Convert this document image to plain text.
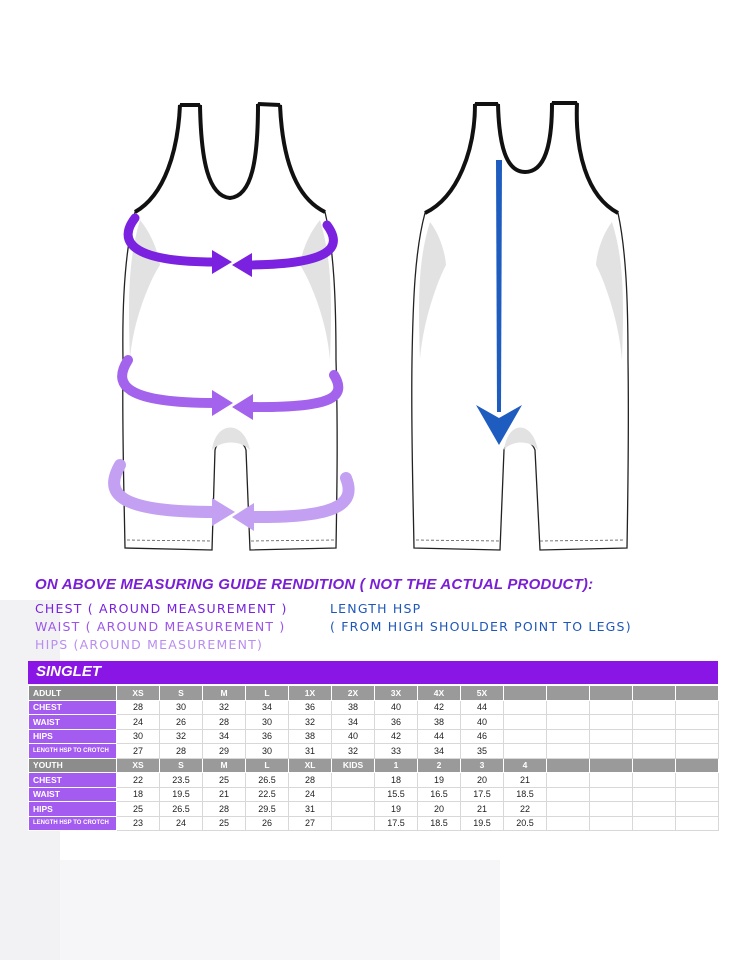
ON ABOVE MEASURING GUIDE RENDITION ( NOT THE ACTUAL PRODUCT):
CHEST ( AROUND MEASUREMENT )
WAIST ( AROUND MEASUREMENT )
HIPS (AROUND MEASUREMENT)
LENGTH HSP
( FROM HIGH SHOULDER POINT TO LEGS)
SINGLET
ADULT	XS	S	M	L	1X	2X	3X	4X	5X					
CHEST	28	30	32	34	36	38	40	42	44					
WAIST	24	26	28	30	32	34	36	38	40					
HIPS	30	32	34	36	38	40	42	44	46					
LENGTH HSP TO CROTCH	27	28	29	30	31	32	33	34	35					
YOUTH	XS	S	M	L	XL	KIDS	1	2	3	4				
CHEST	22	23.5	25	26.5	28		18	19	20	21				
WAIST	18	19.5	21	22.5	24		15.5	16.5	17.5	18.5				
HIPS	25	26.5	28	29.5	31		19	20	21	22				
LENGTH HSP TO CROTCH	23	24	25	26	27		17.5	18.5	19.5	20.5				
